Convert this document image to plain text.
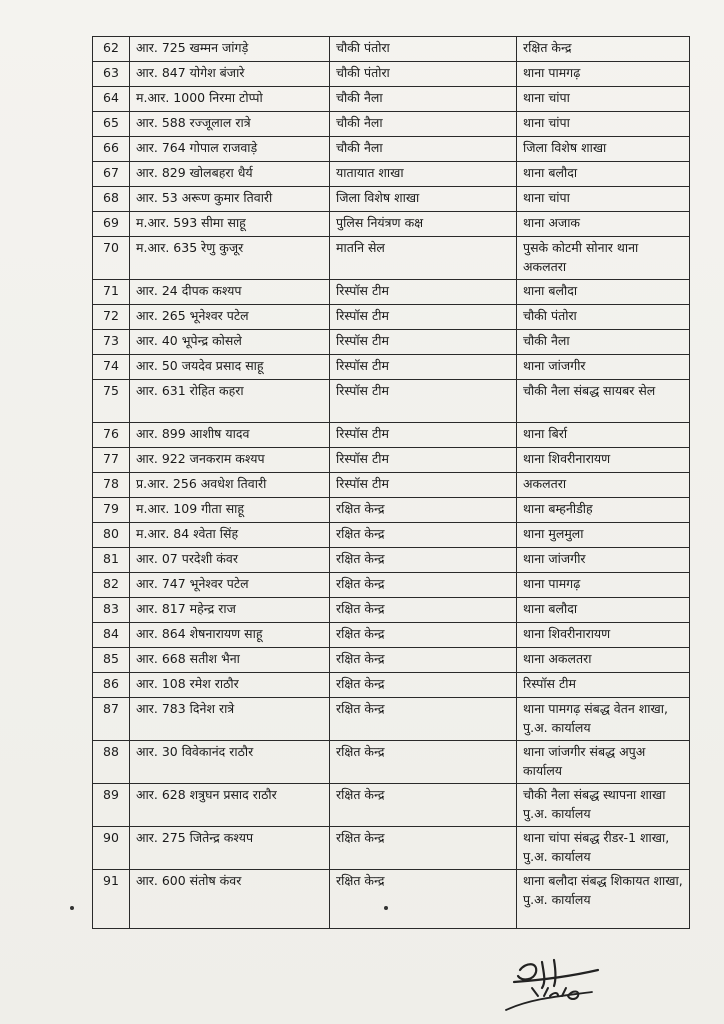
62	आर. 725 खम्मन जांगड़े	चौकी पंतोरा	रक्षित केन्द्र
63	आर. 847 योगेश बंजारे	चौकी पंतोरा	थाना पामगढ़
64	म.आर. 1000 निरमा टोप्पो	चौकी नैला	थाना चांपा
65	आर. 588 रज्जूलाल रात्रे	चौकी नैला	थाना चांपा
66	आर. 764 गोपाल राजवाड़े	चौकी नैला	जिला विशेष शाखा
67	आर. 829 खोलबहरा धैर्य	यातायात शाखा	थाना बलौदा
68	आर. 53 अरूण कुमार तिवारी	जिला विशेष शाखा	थाना चांपा
69	म.आर. 593 सीमा साहू	पुलिस नियंत्रण कक्ष	थाना अजाक
70	म.आर. 635 रेणु कुजूर	मातनि सेल	पुसके कोटमी सोनार थाना अकलतरा
71	आर. 24 दीपक कश्यप	रिस्पॉस टीम	थाना बलौदा
72	आर. 265 भूनेश्वर पटेल	रिस्पॉस टीम	चौकी पंतोरा
73	आर. 40 भूपेन्द्र कोसले	रिस्पॉस टीम	चौकी नैला
74	आर. 50 जयदेव प्रसाद साहू	रिस्पॉस टीम	थाना जांजगीर
75	आर. 631 रोहित कहरा	रिस्पॉस टीम	चौकी नैला संबद्ध सायबर सेल
76	आर. 899 आशीष यादव	रिस्पॉस टीम	थाना बिर्रा
77	आर. 922 जनकराम कश्यप	रिस्पॉस टीम	थाना शिवरीनारायण
78	प्र.आर. 256 अवधेश तिवारी	रिस्पॉस टीम	अकलतरा
79	म.आर. 109 गीता साहू	रक्षित केन्द्र	थाना बम्हनीडीह
80	म.आर. 84 श्वेता सिंह	रक्षित केन्द्र	थाना मुलमुला
81	आर. 07 परदेशी कंवर	रक्षित केन्द्र	थाना जांजगीर
82	आर. 747 भूनेश्वर पटेल	रक्षित केन्द्र	थाना पामगढ़
83	आर. 817 महेन्द्र राज	रक्षित केन्द्र	थाना बलौदा
84	आर. 864 शेषनारायण साहू	रक्षित केन्द्र	थाना शिवरीनारायण
85	आर. 668 सतीश भैना	रक्षित केन्द्र	थाना अकलतरा
86	आर. 108 रमेश राठौर	रक्षित केन्द्र	रिस्पॉस टीम
87	आर. 783 दिनेश रात्रे	रक्षित केन्द्र	थाना पामगढ़ संबद्ध वेतन शाखा, पु.अ. कार्यालय
88	आर. 30 विवेकानंद राठौर	रक्षित केन्द्र	थाना जांजगीर संबद्ध अपुअ कार्यालय
89	आर. 628 शत्रुघन प्रसाद राठौर	रक्षित केन्द्र	चौकी नैला संबद्ध स्थापना शाखा पु.अ. कार्यालय
90	आर. 275 जितेन्द्र कश्यप	रक्षित केन्द्र	थाना चांपा संबद्ध रीडर-1 शाखा, पु.अ. कार्यालय
91	आर. 600 संतोष कंवर	रक्षित केन्द्र	थाना बलौदा संबद्ध शिकायत शाखा, पु.अ. कार्यालय
